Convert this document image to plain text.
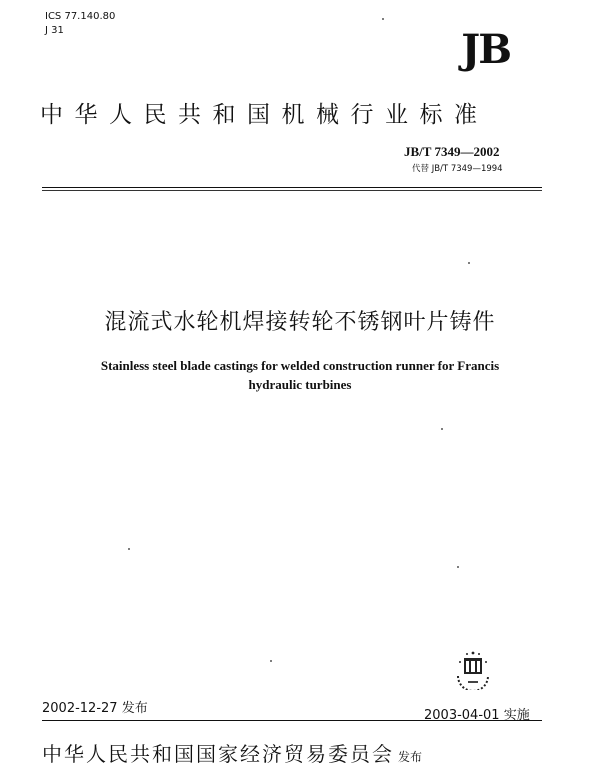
ICS 77.140.80
J 31	JB
中华人民共和国机械行业标准
JB/T 7349—2002
代替 JB/T 7349—1994
混流式水轮机焊接转轮不锈钢叶片铸件
Stainless steel blade castings for welded construction runner for Francis
hydraulic turbines
2002-12-27 发布	2003-04-01 实施
中华人民共和国国家经济贸易委员会 发布
